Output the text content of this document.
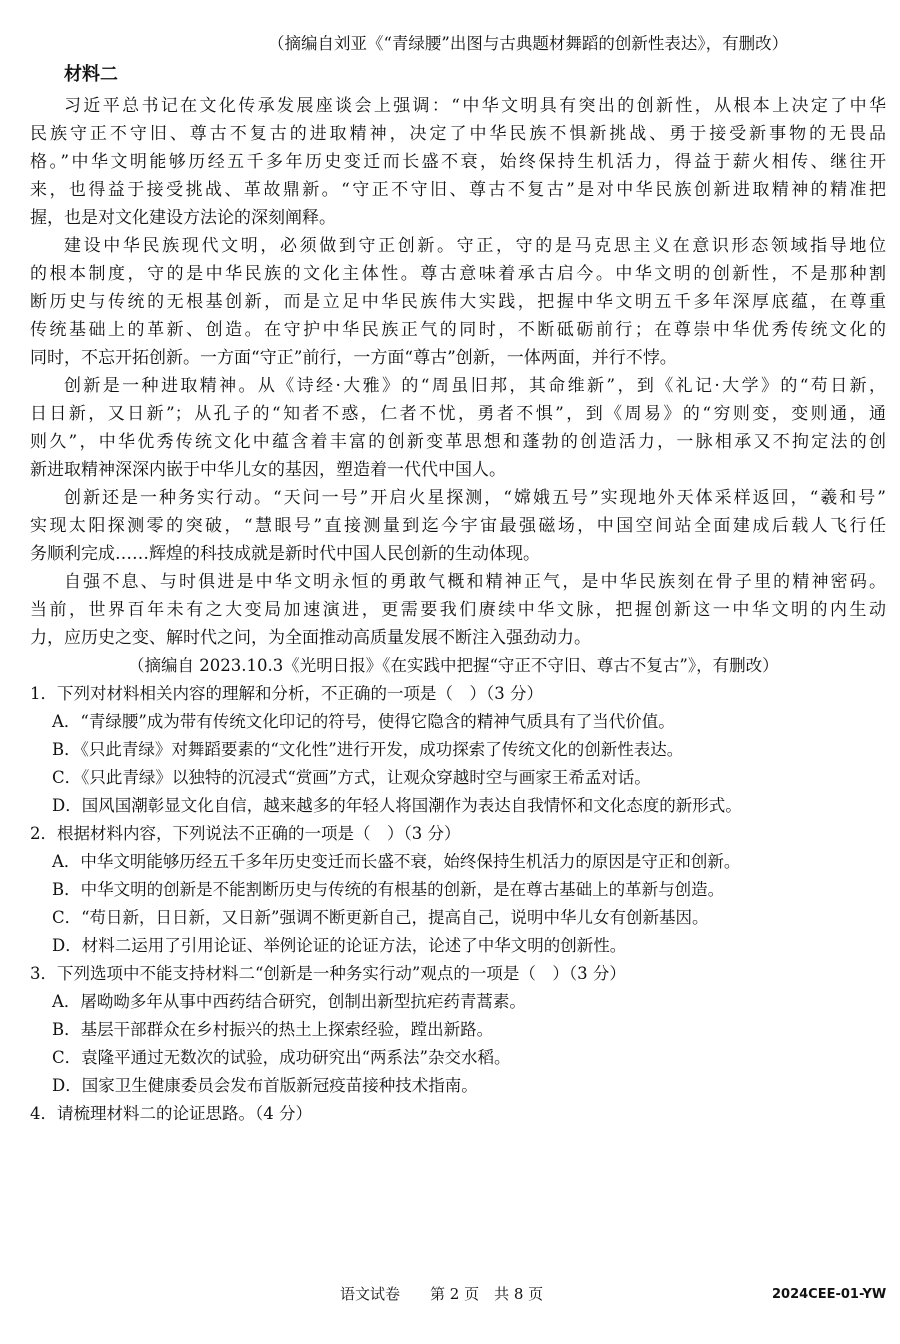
（摘编自刘亚《“青绿腰”出图与古典题材舞蹈的创新性表达》，有删改）
材料二
习近平总书记在文化传承发展座谈会上强调：“中华文明具有突出的创新性，从根本上决定了中华
民族守正不守旧、尊古不复古的进取精神，决定了中华民族不惧新挑战、勇于接受新事物的无畏品
格。”中华文明能够历经五千多年历史变迁而长盛不衰，始终保持生机活力，得益于薪火相传、继往开
来，也得益于接受挑战、革故鼎新。“守正不守旧、尊古不复古”是对中华民族创新进取精神的精准把
握，也是对文化建设方法论的深刻阐释。
建设中华民族现代文明，必须做到守正创新。守正，守的是马克思主义在意识形态领域指导地位
的根本制度，守的是中华民族的文化主体性。尊古意味着承古启今。中华文明的创新性，不是那种割
断历史与传统的无根基创新，而是立足中华民族伟大实践，把握中华文明五千多年深厚底蕴，在尊重
传统基础上的革新、创造。在守护中华民族正气的同时，不断砥砺前行；在尊崇中华优秀传统文化的
同时，不忘开拓创新。一方面“守正”前行，一方面“尊古”创新，一体两面，并行不悖。
创新是一种进取精神。从《诗经·大雅》的“周虽旧邦，其命维新”，到《礼记·大学》的“苟日新，
日日新，又日新”；从孔子的“知者不惑，仁者不忧，勇者不惧”，到《周易》的“穷则变，变则通，通
则久”，中华优秀传统文化中蕴含着丰富的创新变革思想和蓬勃的创造活力，一脉相承又不拘定法的创
新进取精神深深内嵌于中华儿女的基因，塑造着一代代中国人。
创新还是一种务实行动。“天问一号”开启火星探测，“嫦娥五号”实现地外天体采样返回，“羲和号”
实现太阳探测零的突破，“慧眼号”直接测量到迄今宇宙最强磁场，中国空间站全面建成后载人飞行任
务顺利完成……辉煌的科技成就是新时代中国人民创新的生动体现。
自强不息、与时俱进是中华文明永恒的勇敢气概和精神正气，是中华民族刻在骨子里的精神密码。
当前，世界百年未有之大变局加速演进，更需要我们赓续中华文脉，把握创新这一中华文明的内生动
力，应历史之变、解时代之问，为全面推动高质量发展不断注入强劲动力。
（摘编自 2023.10.3《光明日报》《在实践中把握“守正不守旧、尊古不复古”》，有删改）
1．下列对材料相关内容的理解和分析，不正确的一项是（　）（3 分）
A．“青绿腰”成为带有传统文化印记的符号，使得它隐含的精神气质具有了当代价值。
B．《只此青绿》对舞蹈要素的“文化性”进行开发，成功探索了传统文化的创新性表达。
C．《只此青绿》以独特的沉浸式“赏画”方式，让观众穿越时空与画家王希孟对话。
D．国风国潮彰显文化自信，越来越多的年轻人将国潮作为表达自我情怀和文化态度的新形式。
2．根据材料内容，下列说法不正确的一项是（　）（3 分）
A．中华文明能够历经五千多年历史变迁而长盛不衰，始终保持生机活力的原因是守正和创新。
B．中华文明的创新是不能割断历史与传统的有根基的创新，是在尊古基础上的革新与创造。
C．“苟日新，日日新，又日新”强调不断更新自己，提高自己，说明中华儿女有创新基因。
D．材料二运用了引用论证、举例论证的论证方法，论述了中华文明的创新性。
3．下列选项中不能支持材料二“创新是一种务实行动”观点的一项是（　）（3 分）
A．屠呦呦多年从事中西药结合研究，创制出新型抗疟药青蒿素。
B．基层干部群众在乡村振兴的热土上探索经验，蹚出新路。
C．袁隆平通过无数次的试验，成功研究出“两系法”杂交水稻。
D．国家卫生健康委员会发布首版新冠疫苗接种技术指南。
4．请梳理材料二的论证思路。（4 分）
语文试卷 第 2 页　共 8 页	2024CEE-01-YW
